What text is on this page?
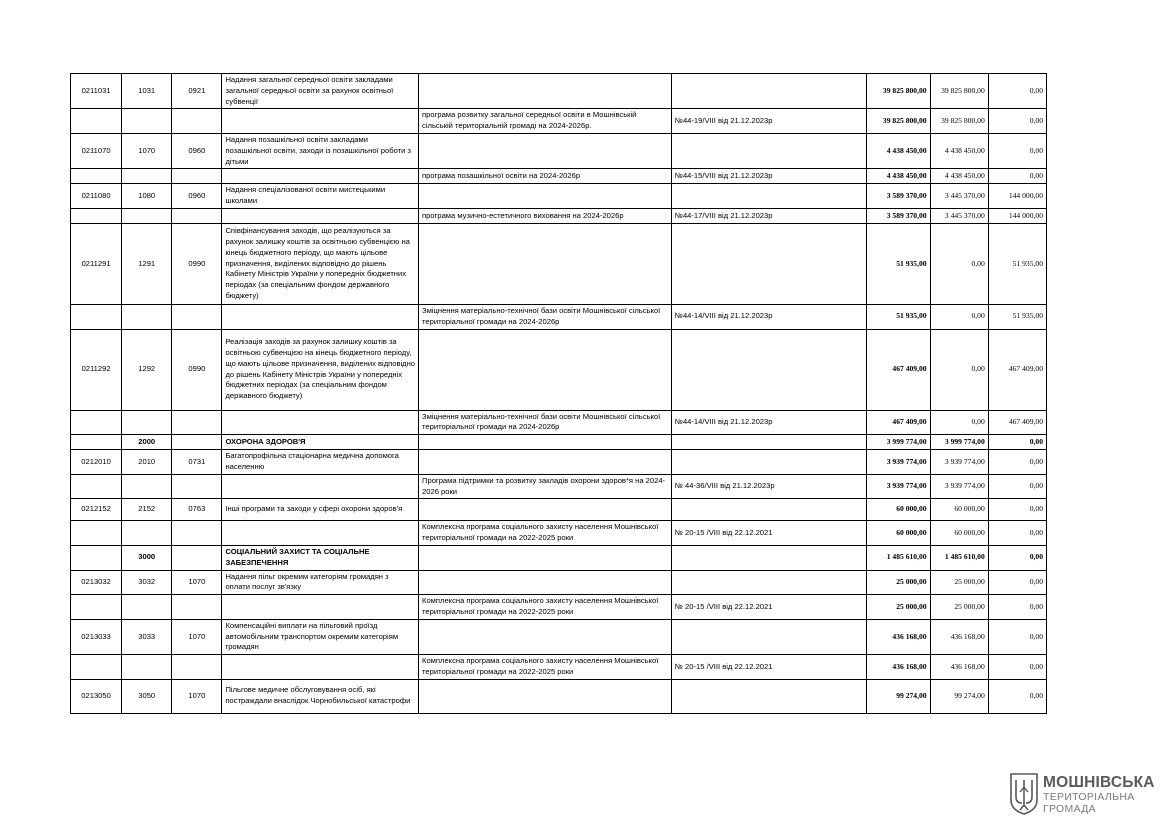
0211031	1031	0921	Надання загальної середньої освіти закладами загальної середньої освіти за рахунок освітньої субвенції			39 825 800,00	39 825 800,00	0,00
				програма розвитку загальної середньої освіти в Мошнівській сільській територіальній громаді на 2024-2026р.	№44-19/VIII від 21.12.2023р	39 825 800,00	39 825 800,00	0,00
0211070	1070	0960	Надання позашкільної освіти закладами позашкільної освіти, заходи із позашкільної роботи з дітьми			4 438 450,00	4 438 450,00	0,00
				програма позашкільної освіти на 2024-2026р	№44-15/VIII від 21.12.2023р	4 438 450,00	4 438 450,00	0,00
0211080	1080	0960	Надання спеціалізованої освіти мистецькими школами			3 589 370,00	3 445 370,00	144 000,00
				програма музично-естетичного виховання на 2024-2026р	№44-17/VIII від 21.12.2023р	3 589 370,00	3 445 370,00	144 000,00
0211291	1291	0990	Співфінансування заходів, що реалізуються за рахунок залишку коштів за освітньою субвенцією на кінець бюджетного періоду, що мають цільове призначення, виділених відповідно до рішень Кабінету Міністрів України у попередніх бюджетних періодах (за спеціальним фондом державного бюджету)			51 935,00	0,00	51 935,00
				Зміцнення матеріально-технічної бази освіти Мошнівської сільської територіальної громади на 2024-2026р	№44-14/VIII від 21.12.2023р	51 935,00	0,00	51 935,00
0211292	1292	0990	Реалізація заходів за рахунок залишку коштів за освітньою субвенцією на кінець бюджетного періоду, що мають цільове призначення, виділених відповідно до рішень Кабінету Міністрів України у попередніх бюджетних періодах (за спеціальним фондом державного бюджету)			467 409,00	0,00	467 409,00
				Зміцнення матеріально-технічної бази освіти Мошнівської сільської територіальної громади на 2024-2026р	№44-14/VIII від 21.12.2023р	467 409,00	0,00	467 409,00
	2000		ОХОРОНА ЗДОРОВ'Я			3 999 774,00	3 999 774,00	0,00
0212010	2010	0731	Багатопрофільна стаціонарна медична допомога населенню			3 939 774,00	3 939 774,00	0,00
				Програма підтримки та розвитку закладів охорони здоров*я на 2024-2026 роки	№ 44-36/VIII від 21.12.2023р	3 939 774,00	3 939 774,00	0,00
0212152	2152	0763	Інші програми та заходи у сфері охорони здоров'я			60 000,00	60 000,00	0,00
				Комплексна програма соціального захисту населення Мошнівської територіальної громади на 2022-2025 роки	№ 20-15 /VIII від 22.12.2021	60 000,00	60 000,00	0,00
	3000		СОЦІАЛЬНИЙ ЗАХИСТ ТА СОЦІАЛЬНЕ ЗАБЕЗПЕЧЕННЯ			1 485 610,00	1 485 610,00	0,00
0213032	3032	1070	Надання пільг окремим категоріям громадян з оплати послуг зв'язку			25 000,00	25 000,00	0,00
				Комплексна програма соціального захисту населення Мошнівської територіальної громади на 2022-2025 роки	№ 20-15 /VIII від 22.12.2021	25 000,00	25 000,00	0,00
0213033	3033	1070	Компенсаційні виплати на пільговий проїзд автомобільним транспортом окремим категоріям громадян			436 168,00	436 168,00	0,00
				Комплексна програма соціального захисту населення Мошнівської територіальної громади на 2022-2025 роки	№ 20-15 /VIII від 22.12.2021	436 168,00	436 168,00	0,00
0213050	3050	1070	Пільгове медичне обслуговування осіб, які постраждали внаслідок Чорнобильської катастрофи			99 274,00	99 274,00	0,00
МОШНІВСЬКА
ТЕРИТОРІАЛЬНА
ГРОМАДА
